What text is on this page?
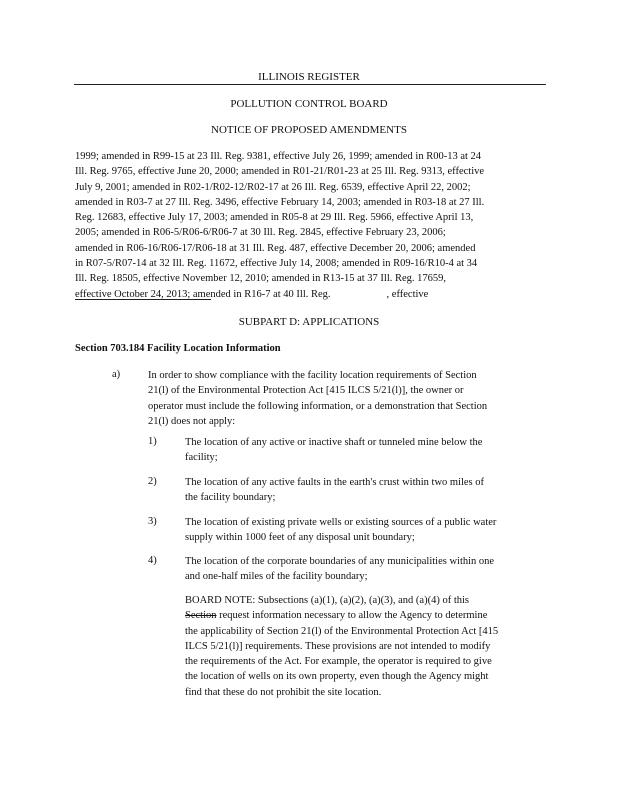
ILLINOIS REGISTER
POLLUTION CONTROL BOARD
NOTICE OF PROPOSED AMENDMENTS
1999; amended in R99-15 at 23 Ill. Reg. 9381, effective July 26, 1999; amended in R00-13 at 24
Ill. Reg. 9765, effective June 20, 2000; amended in R01-21/R01-23 at 25 Ill. Reg. 9313, effective
July 9, 2001; amended in R02-1/R02-12/R02-17 at 26 Ill. Reg. 6539, effective April 22, 2002;
amended in R03-7 at 27 Ill. Reg. 3496, effective February 14, 2003; amended in R03-18 at 27 Ill.
Reg. 12683, effective July 17, 2003; amended in R05-8 at 29 Ill. Reg. 5966, effective April 13,
2005; amended in R06-5/R06-6/R06-7 at 30 Ill. Reg. 2845, effective February 23, 2006;
amended in R06-16/R06-17/R06-18 at 31 Ill. Reg. 487, effective December 20, 2006; amended
in R07-5/R07-14 at 32 Ill. Reg. 11672, effective July 14, 2008; amended in R09-16/R10-4 at 34
Ill. Reg. 18505, effective November 12, 2010; amended in R13-15 at 37 Ill. Reg. 17659,
effective October 24, 2013; amended in R16-7 at 40 Ill. Reg.	, effective
SUBPART D: APPLICATIONS
Section 703.184 Facility Location Information
a)	In order to show compliance with the facility location requirements of Section
21(l) of the Environmental Protection Act [415 ILCS 5/21(l)], the owner or
operator must include the following information, or a demonstration that Section
21(l) does not apply:
1)	The location of any active or inactive shaft or tunneled mine below the
facility;
2)	The location of any active faults in the earth's crust within two miles of
the facility boundary;
3)	The location of existing private wells or existing sources of a public water
supply within 1000 feet of any disposal unit boundary;
4)	The location of the corporate boundaries of any municipalities within one
and one-half miles of the facility boundary;
BOARD NOTE: Subsections (a)(1), (a)(2), (a)(3), and (a)(4) of this
Section request information necessary to allow the Agency to determine
the applicability of Section 21(l) of the Environmental Protection Act [415
ILCS 5/21(l)] requirements. These provisions are not intended to modify
the requirements of the Act. For example, the operator is required to give
the location of wells on its own property, even though the Agency might
find that these do not prohibit the site location.
